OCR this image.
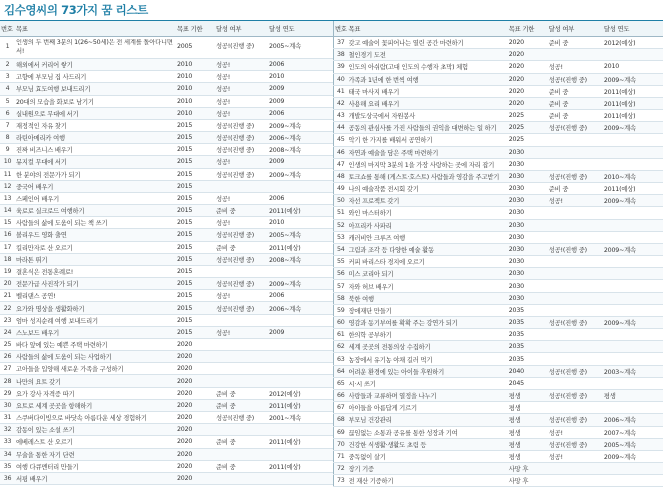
김수영씨의 73가지 꿈 리스트
번호	목표	목표 기한	달성 여부	달성 연도
1	인생의 두 번째 3분의 1(26~50세)은 전 세계를 돌아다니면서!	2005	성공!(진행 중)	2005~계속
2	해외에서 커리어 쌓기	2010	성공!	2006
3	고향에 부모님 집 사드리기	2010	성공!	2010
4	부모님 효도여행 보내드리기	2010	성공!	2009
5	20대의 모습을 화보로 남기기	2010	성공!	2009
6	실내원으로 무대에 서기	2010	성공!	2006
7	재정적인 자유 찾기	2015	성공!(진행 중)	2009~계속
8	라틴아메리카 여행	2015	성공!(진행 중)	2006~계속
9	진짜 비즈니스 배우기	2015	성공!(진행 중)	2008~계속
10	뮤지컬 무대에 서기	2015	성공!	2009
11	한 분야의 전문가가 되기	2015	성공!(진행 중)	2009~계속
12	중국어 배우기	2015		
13	스페인어 배우기	2015	성공!	2006
14	육로로 실크로드 여행하기	2015	준비 중	2011(예상)
15	사람들의 삶에 도움이 되는 책 쓰기	2015	성공!	2010
16	볼리우드 영화 출연	2015	성공!(진행 중)	2005~계속
17	킬리만자로 산 오르기	2015	준비 중	2011(예상)
18	마라톤 뛰기	2015	성공!(진행 중)	2008~계속
19	결혼식은 전통혼례로!	2015		
20	전문가급 사진작가 되기	2015	성공!(진행 중)	2009~계속
21	벨리댄스 공연!	2015	성공!	2006
22	요가와 명상을 생활화하기	2015	성공!(진행 중)	2006~계속
23	엄마 성지순례 여행 보내드리기	2015		
24	스노보드 배우기	2015	성공!	2009
25	바다 앞에 있는 예쁜 주택 마련하기	2020		
26	사람들의 삶에 도움이 되는 사업하기	2020		
27	고아들을 입양해 새로운 가족을 구성하기	2020		
28	나만의 요트 갖기	2020		
29	요가 강사 자격증 따기	2020	준비 중	2012(예상)
30	요트로 세계 곳곳을 항해하기	2020	준비 중	2011(예상)
31	스쿠버다이빙으로 바닷속 아름다운 세상 경험하기	2020	성공!(진행 중)	2001~계속
32	감동이 있는 소설 쓰기	2020		
33	에베레스트 산 오르기	2020	준비 중	2011(예상)
34	무술을 통한 자기 단련	2020		
35	여행 다큐멘터리 만들기	2020	준비 중	2011(예상)
36	서핑 배우기	2020		
번호	목표	목표 기한	달성 여부	달성 연도
37	갖고 예술이 꽃피어나는 열린 공간 마련하기	2020	준비 중	2012(예상)
38	철인경기 도전	2020		
39	인도의 아쉬람(고대 인도의 수행자 초막) 체험	2020	성공!	2010
40	가족과 1년에 한 번씩 여행	2020	성공!(진행 중)	2009~계속
41	태국 마사지 배우기	2020	준비 중	2011(예상)
42	사용해 요리 배우기	2020	준비 중	2011(예상)
43	개발도상국에서 자원봉사	2025	준비 중	2011(예상)
44	공동의 관심사를 가진 사람들의 권익을 대변하는 일 하기	2025	성공!(진행 중)	2009~계속
45	악기 한 가지를 배워서 공연하기	2025		
46	자연과 예술을 담은 주택 마련하기	2030		
47	인생의 마지막 3분의 1을 가장 사랑하는 곳에 자리 잡기	2030		
48	토크쇼를 통해 (게스트·호스트) 사람들과 영감을 주고받기	2030	성공!(진행 중)	2010~계속
49	나의 예술작품 전시회 갖기	2030	준비 중	2011(예상)
50	자선 프로젝트 갖기	2030	성공!	2009~계속
51	와인 마스터하기	2030		
52	아프리카 사파리	2030		
53	캐러비안 크루즈 여행	2030		
54	그림과 조각 등 다양한 예술 활동	2030	성공!(진행 중)	2009~계속
55	커피 바리스타 경지에 오르기	2030		
56	미스 코리아 되기	2030		
57	자와 허브 배우기	2030		
58	북한 여행	2030		
59	장애재단 만들기	2035		
60	영감과 동기부여를 확확 주는 강연가 되기	2035	성공!(진행 중)	2009~계속
61	한의학 공부하기	2035		
62	세계 곳곳의 전통의상 수집하기	2035		
63	농장에서 유기농 야채 길러 먹기	2035		
64	어려운 환경에 있는 아이들 후원하기	2040	성공!(진행 중)	2003~계속
65	시·시 쓰기	2045		
66	사랑들과 교류하며 열정을 나누기	평생	성공!(진행 중)	평생
67	아이들을 아름답게 기르기	평생		
68	부모님 건강관리	평생	성공!(진행 중)	2006~계속
69	끊임없는 소통과 공유를 통한 성장과 기여	평생	성공!	2007~계속
70	건강한 식생활·생활도 초림 등	평생	성공!(진행 중)	2005~계속
71	중독없이 살기	평생	성공!	2009~계속
72	장기 기증	사망 후		
73	전 재산 기증하기	사망 후		
